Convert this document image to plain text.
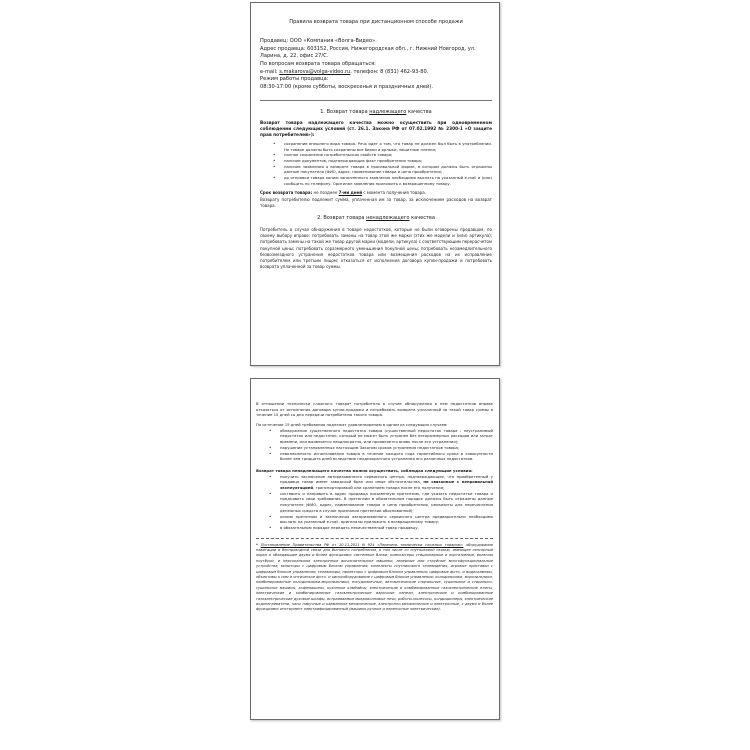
Правила возврата товара при дистанционном способе продажи
Продавец: ООО «Компания «Волга-Видео».
Адрес продавца: 603152, Россия, Нижегородская обл., г. Нижний Новгород, ул. Ларина, д. 22, офис 27/С.
По вопросам возврата товара обращаться:
e-mail: s.makarova@volga-video.ru, телефон: 8 (831) 462-93-80.
Режим работы продавца:
08:30-17:00 (кроме субботы, воскресенья и праздничных дней).
1. Возврат товара надлежащего качества

Возврат товара надлежащего качества можно осуществить при одновременном соблюдении следующих условий (ст. 26.1. Закона РФ от 07.02.1992 № 2300-1 «О защите прав потребителей»):

• сохранение внешнего вида товара. Речь идет о том, что товар не должен был быть в употреблении. Не товаре должны быть сохранены все бирки и ярлыки, защитные пленки;
• полное сохранение потребительских свойств товара;
• наличие документов, подтверждающих факт приобретения товара;
• наличие заявления о возврате товара в произвольной форме, в котором должны быть отражены данные покупателя (ФИО, адрес, наименование товара и цена приобретения;
• до отправки товара копию заполненного заявления необходимо выслать на указанный e-mail и (или) сообщить по телефону. Оригинал заявления приложить к возвращенному товару.

Срок возврата товара: не позднее 7-ми дней с момента получения товара.

Возврату потребителю подлежит сумма, уплаченная им за товар, за исключением расходов на возврат товара.

2. Возврат товара ненадлежащего качества

Потребитель в случае обнаружения в товаре недостатков, которые не были оговорены продавцом, по своему выбору вправе: потребовать замены на товар этой же марки (этих же модели и (или) артикула); потребовать замены на такой же товар другой марки (модели, артикула) с соответствующим перерасчетом покупной цены; потребовать соразмерного уменьшения покупной цены; потребовать незамедлительного безвозмездного устранения недостатков товара или возмещения расходов на их исправление потребителем или третьим лицом; отказаться от исполнения договора купли-продажи и потребовать возврата уплаченной за товар суммы.

В отношении технически сложного товара* потребитель в случае обнаружения в нем недостатков вправе отказаться от исполнения договора купли-продажи и потребовать возврата уплаченной за такой товар суммы в течение 15 дней со дня передачи потребителю такого товара.

По истечении 15 дней требования подлежат удовлетворению в одном из следующих случаев:

• обнаружение существенного недостатка товара (существенный недостаток товара - неустранимый недостаток или недостаток, который не может быть устранен без несоразмерных расходов или затрат времени, или выявляется неоднократно, или проявляется вновь после его устранения);
• нарушение установленных настоящим Законом сроков устранения недостатков товара;
• невозможность использования товара в течение каждого года гарантийного срока в совокупности более чем тридцать дней вследствие неоднократного устранения его различных недостатков.

Возврат товара ненадлежащего качества можно осуществить, соблюдая следующие условия:

• получить заключение авторизованного сервисного центра, подтверждающее, что приобретенный у продавца товар имеет заводской брак или иные обстоятельства, не связанные с неправильной эксплуатацией, транспортировкой или хранением товара после его получения;
• составить и направить в адрес продавца письменную претензию, где указать недостатки товара и предъявить свои требования. В претензии в обязательном порядке должны быть отражены данные покупателя (ФИО, адрес, наименование товара и цена приобретения, реквизиты для перечисления денежных средств в случае признания претензии обоснованной);
• копию претензии и заключения авторизованного сервисного центра предварительно необходимо выслать на указанный e-mail, оригиналы приложить к возвращенному товару;
• в обязательном порядке передать некачественный товар продавцу.

* Постановление Правительства РФ от 10.11.2011 N 924 «Перечень технически сложных товаров»: оборудование навигации и беспроводной связи для бытового потребления, в том числе со спутниковой связью, имеющее сенсорный экран и обладающее двумя и более функциями; системные блоки, компьютеры стационарные и портативные, включая ноутбуки, и персональные электронные вычислительные машины; лазерные или струйные многофункциональные устройства, мониторы с цифровым блоком управления; комплекты спутникового телевидения, игровые приставки с цифровым блоком управления; телевизоры, проекторы с цифровым блоком управления; цифровые фото- и видеокамеры, объективы к ним и оптическое фото- и киноооборудование с цифровым блоком управления; холодильники, морозильники, комбинированные холодильники-морозильники, посудомоечные, автоматические стиральные, сушильные и стирально-сушильные машины, кофемашины, кухонные комбайны, электрические и комбинированные газоэлектрические плиты, электрические и комбинированные газоэлектрические варочные панели, электрические и комбинированные газоэлектрические духовые шкафы, встраиваемые микроволновые печи, роботы-пылесосы, кондиционеры, электрические водонагреватели, часы наручные и карманные механические, электронно-механические и электронные, с двумя и более функциями; инструмент электрифицированный (машины ручные и переносные электрические).
